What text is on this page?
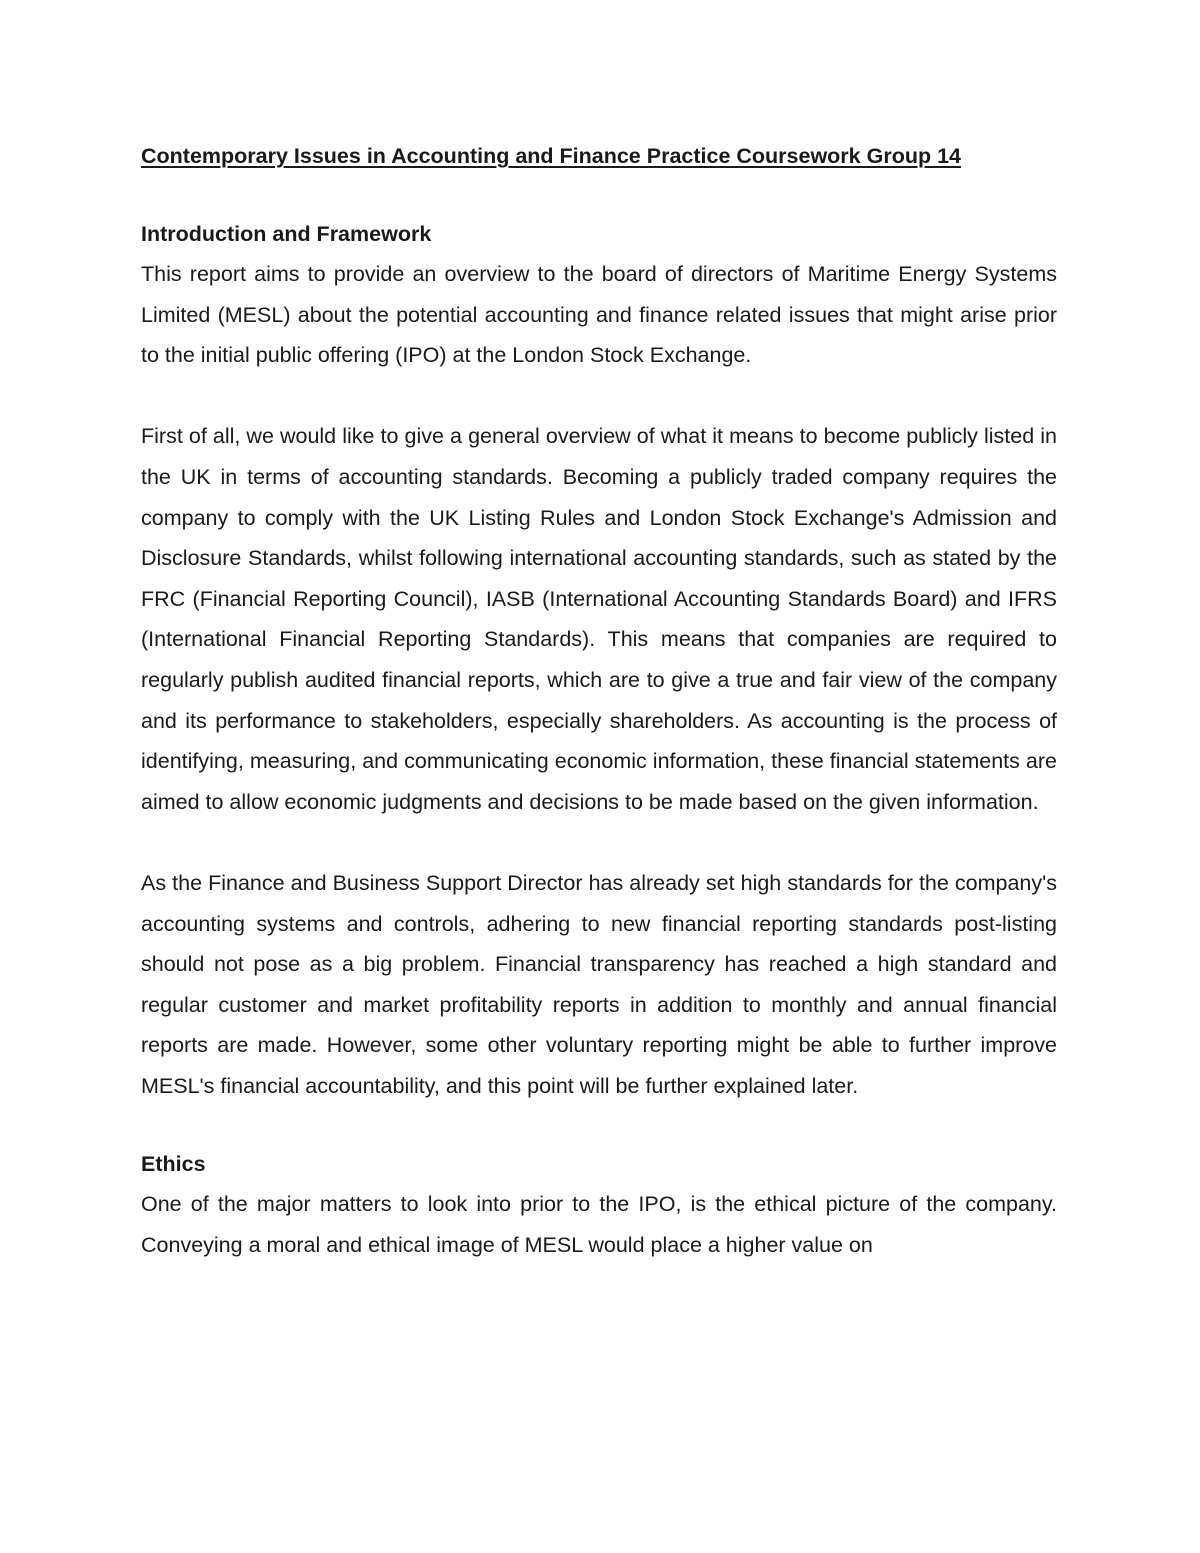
Contemporary Issues in Accounting and Finance Practice Coursework Group 14
Introduction and Framework

This report aims to provide an overview to the board of directors of Maritime Energy Systems Limited (MESL) about the potential accounting and finance related issues that might arise prior to the initial public offering (IPO) at the London Stock Exchange.

First of all, we would like to give a general overview of what it means to become publicly listed in the UK in terms of accounting standards. Becoming a publicly traded company requires the company to comply with the UK Listing Rules and London Stock Exchange's Admission and Disclosure Standards, whilst following international accounting standards, such as stated by the FRC (Financial Reporting Council), IASB (International Accounting Standards Board) and IFRS (International Financial Reporting Standards). This means that companies are required to regularly publish audited financial reports, which are to give a true and fair view of the company and its performance to stakeholders, especially shareholders. As accounting is the process of identifying, measuring, and communicating economic information, these financial statements are aimed to allow economic judgments and decisions to be made based on the given information.

As the Finance and Business Support Director has already set high standards for the company's accounting systems and controls, adhering to new financial reporting standards post-listing should not pose as a big problem. Financial transparency has reached a high standard and regular customer and market profitability reports in addition to monthly and annual financial reports are made. However, some other voluntary reporting might be able to further improve MESL's financial accountability, and this point will be further explained later.

Ethics

One of the major matters to look into prior to the IPO, is the ethical picture of the company. Conveying a moral and ethical image of MESL would place a higher value on
